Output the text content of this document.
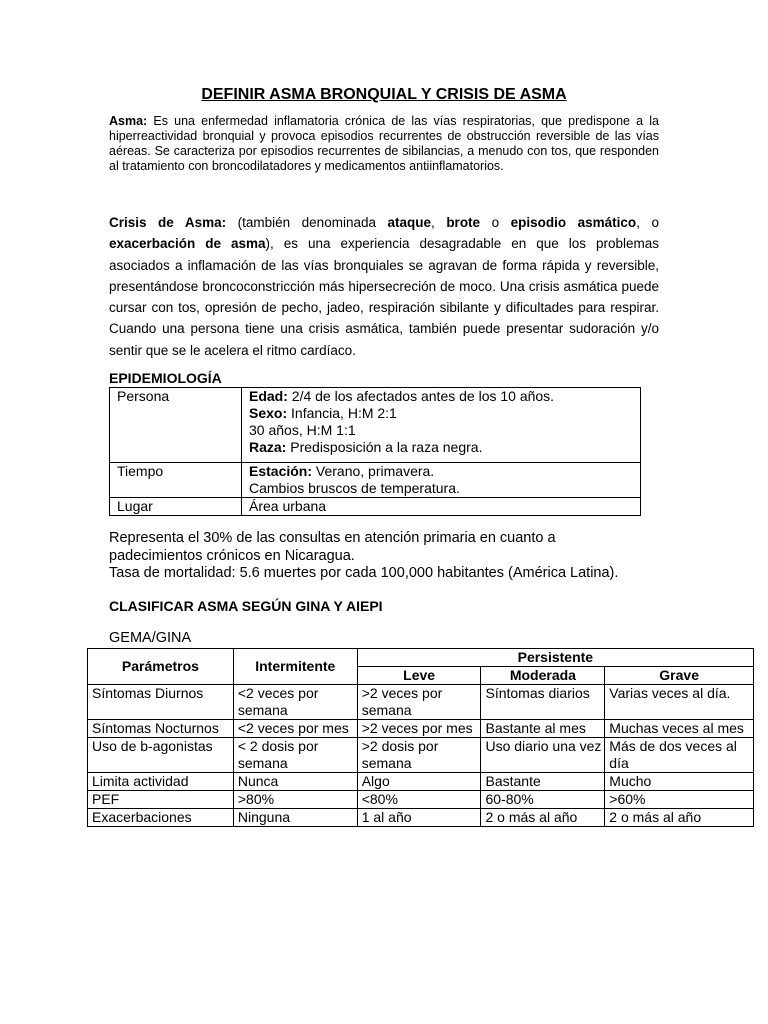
DEFINIR ASMA BRONQUIAL Y CRISIS DE ASMA
Asma: Es una enfermedad inflamatoria crónica de las vías respiratorias, que predispone a la hiperreactividad bronquial y provoca episodios recurrentes de obstrucción reversible de las vías aéreas. Se caracteriza por episodios recurrentes de sibilancias, a menudo con tos, que responden al tratamiento con broncodilatadores y medicamentos antiinflamatorios.
Crisis de Asma: (también denominada ataque, brote o episodio asmático, o exacerbación de asma), es una experiencia desagradable en que los problemas asociados a inflamación de las vías bronquiales se agravan de forma rápida y reversible, presentándose broncoconstricción más hipersecreción de moco. Una crisis asmática puede cursar con tos, opresión de pecho, jadeo, respiración sibilante y dificultades para respirar. Cuando una persona tiene una crisis asmática, también puede presentar sudoración y/o sentir que se le acelera el ritmo cardíaco.
EPIDEMIOLOGÍA
Persona	Edad: 2/4 de los afectados antes de los 10 años.
Sexo: Infancia, H:M 2:1
30 años, H:M 1:1
Raza: Predisposición a la raza negra.

Tiempo	Estación: Verano, primavera.
Cambios bruscos de temperatura.

Lugar	Área urbana
Representa el 30% de las consultas en atención primaria en cuanto a
padecimientos crónicos en Nicaragua.
Tasa de mortalidad: 5.6 muertes por cada 100,000 habitantes (América Latina).
CLASIFICAR ASMA SEGÚN GINA Y AIEPI
GEMA/GINA
Parámetros	Intermitente	Persistente		
		Leve	Moderada	Grave
Síntomas Diurnos	<2 veces por semana	>2 veces por semana	Síntomas diarios	Varias veces al día.
Síntomas Nocturnos	<2 veces por mes	>2 veces por mes	Bastante al mes	Muchas veces al mes
Uso de b-agonistas	< 2 dosis por semana	>2 dosis por semana	Uso diario una vez	Más de dos veces al día
Limita actividad	Nunca	Algo	Bastante	Mucho
PEF	>80%	<80%	60-80%	>60%
Exacerbaciones	Ninguna	1 al año	2 o más al año	2 o más al año
